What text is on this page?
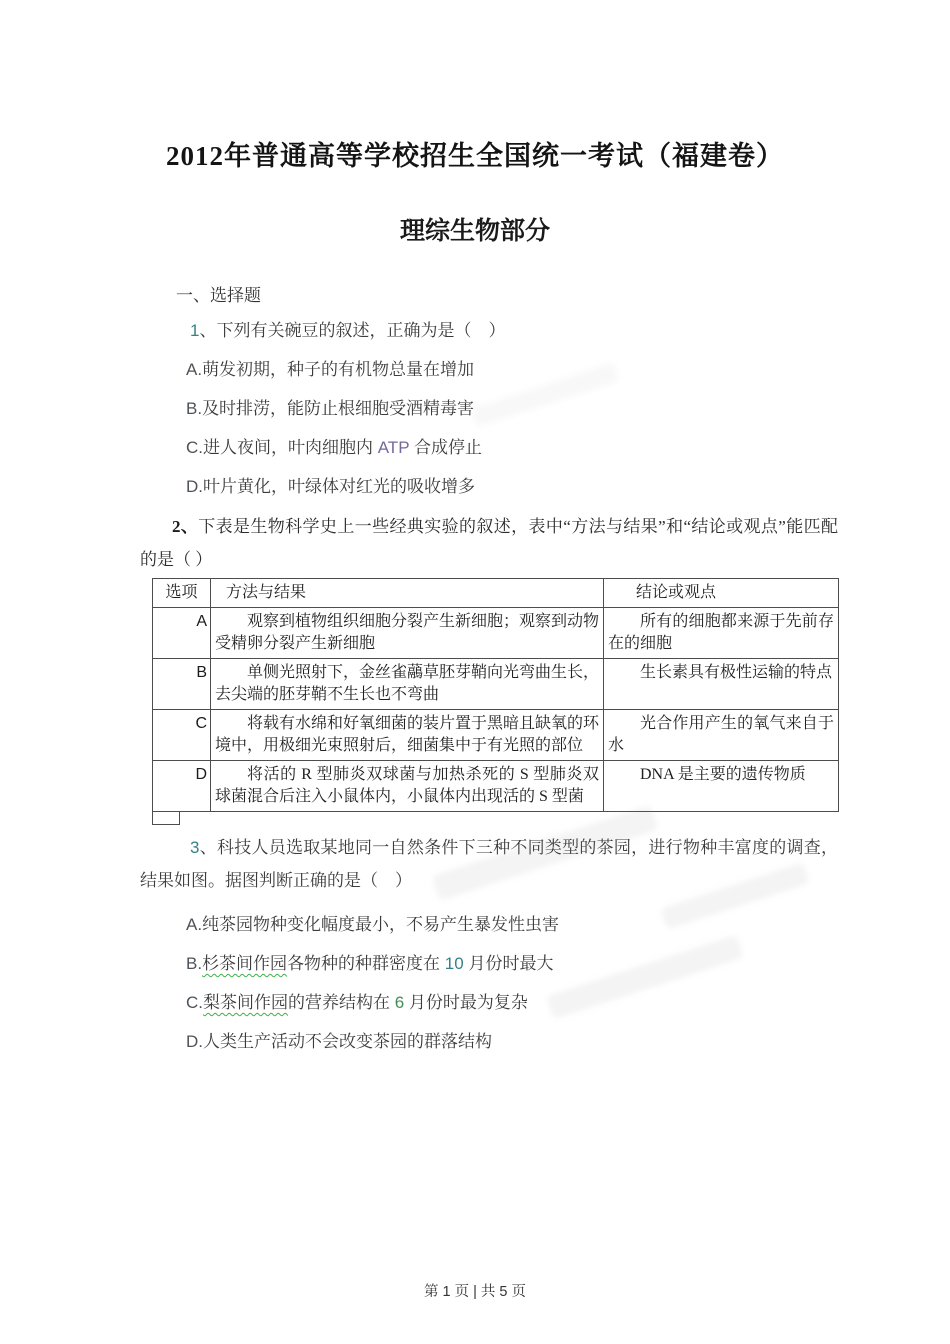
2012年普通高等学校招生全国统一考试（福建卷）
理综生物部分

一、选择题

1、下列有关碗豆的叙述，正确为是（　）

A.萌发初期，种子的有机物总量在增加

B.及时排涝，能防止根细胞受酒精毒害

C.进人夜间，叶肉细胞内 ATP 合成停止

D.叶片黄化，叶绿体对红光的吸收增多

2、下表是生物科学史上一些经典实验的叙述，表中“方法与结果”和“结论或观点”能匹配的是（ ）

选项	方法与结果	结论或观点
A	观察到植物组织细胞分裂产生新细胞；观察到动物受精卵分裂产生新细胞	所有的细胞都来源于先前存在的细胞
B	单侧光照射下，金丝雀虉草胚芽鞘向光弯曲生长，去尖端的胚芽鞘不生长也不弯曲	生长素具有极性运输的特点
C	将载有水绵和好氧细菌的装片置于黑暗且缺氧的环境中，用极细光束照射后，细菌集中于有光照的部位	光合作用产生的氧气来自于水
D	将活的 R 型肺炎双球菌与加热杀死的 S 型肺炎双球菌混合后注入小鼠体内，小鼠体内出现活的 S 型菌	DNA 是主要的遗传物质

3、科技人员选取某地同一自然条件下三种不同类型的茶园，进行物种丰富度的调查，结果如图。据图判断正确的是（　）

A.纯茶园物种变化幅度最小，不易产生暴发性虫害

B.杉茶间作园各物种的种群密度在 10 月份时最大

C.梨茶间作园的营养结构在 6 月份时最为复杂

D.人类生产活动不会改变茶园的群落结构

第 1 页 | 共 5 页
